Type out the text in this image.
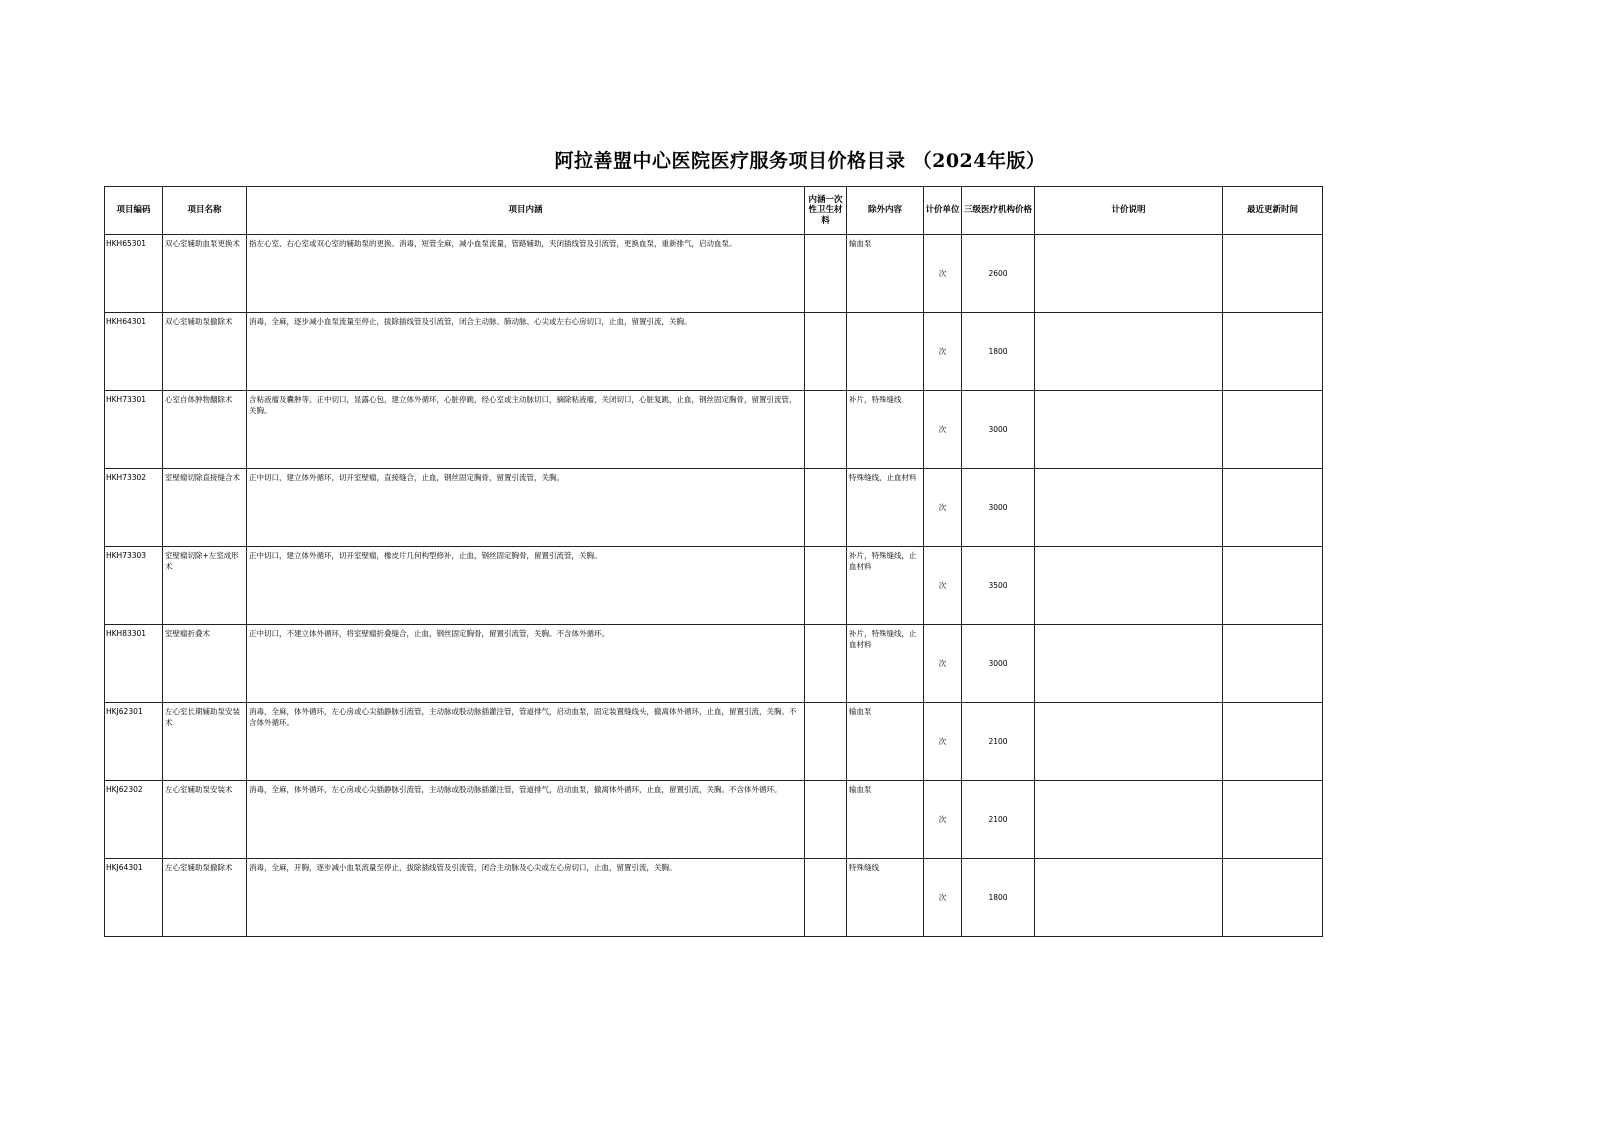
阿拉善盟中心医院医疗服务项目价格目录 （2024年版）
项目编码	项目名称	项目内涵	内涵一次性卫生材料	除外内容	计价单位	三级医疗机构价格	计价说明	最近更新时间

HKH65301	双心室辅助血泵更换术	指左心室、右心室或双心室的辅助泵的更换。消毒，短管全麻，减小血泵流量，管路辅助，夹闭插线管及引流管，更换血泵，重新排气，启动血泵。		输血泵	次	2600	

HKH64301	双心室辅助泵撤除术	消毒，全麻，逐步减小血泵流量至停止，拔除插线管及引流管，闭合主动脉、肺动脉、心尖或左右心房切口，止血，留置引流，关胸。			次	1800	

HKH73301	心室自体肿物翻除术	含粘液瘤及囊肿等。正中切口，显露心包，建立体外循环，心脏停跳，经心室或主动脉切口，摘除粘液瘤，关闭切口，心脏复跳，止血，钢丝固定胸骨，留置引流管，关胸。		补片，特殊缝线	次	3000	

HKH73302	室壁瘤切除直接缝合术	正中切口，建立体外循环，切开室壁瘤，直接缝合，止血，钢丝固定胸骨，留置引流管，关胸。		特殊缝线，止血材料	次	3000	

HKH73303	室壁瘤切除+左室成形术	正中切口，建立体外循环，切开室壁瘤，橡皮片几何构型修补，止血，钢丝固定胸骨，留置引流管，关胸。		补片，特殊缝线，止血材料	次	3500	

HKH83301	室壁瘤折叠术	正中切口，不建立体外循环，将室壁瘤折叠缝合，止血，钢丝固定胸骨，留置引流管，关胸。不含体外循环。		补片，特殊缝线，止血材料	次	3000	

HKJ62301	左心室长期辅助泵安装术	消毒，全麻，体外循环，左心房或心尖插静脉引流管，主动脉或股动脉插灌注管，管道排气，启动血泵，固定装置缝线头，撤离体外循环，止血，留置引流，关胸。不含体外循环。		输血泵	次	2100	

HKJ62302	左心室辅助泵安装术	消毒，全麻，体外循环，左心房或心尖插静脉引流管，主动脉或股动脉插灌注管，管道排气，启动血泵，撤离体外循环，止血，留置引流，关胸。不含体外循环。		输血泵	次	2100	

HKJ64301	左心室辅助泵撤除术	消毒，全麻，开胸，逐步减小血泵流量至停止，拔除插线管及引流管，闭合主动脉及心尖或左心房切口，止血，留置引流，关胸。		特殊缝线	次	1800	
